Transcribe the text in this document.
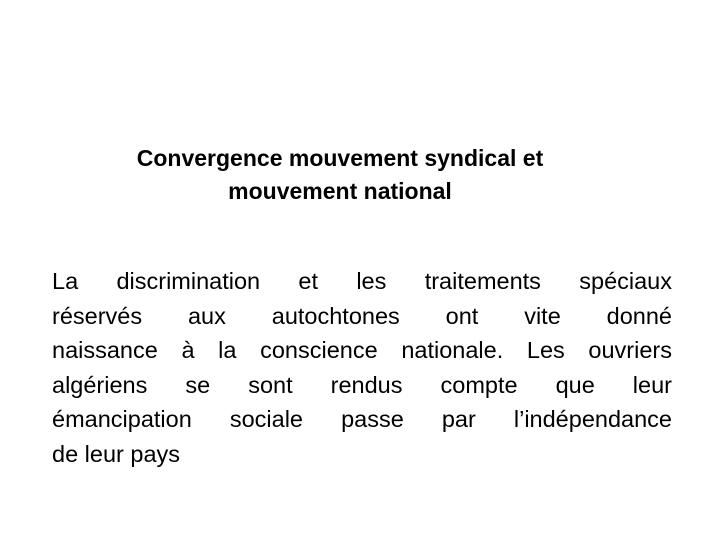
Convergence mouvement syndical et
mouvement national
La discrimination et les traitements spéciaux
réservés aux autochtones ont vite donné
naissance à la conscience nationale. Les ouvriers
algériens se sont rendus compte que leur
émancipation sociale passe par l’indépendance
de leur pays
